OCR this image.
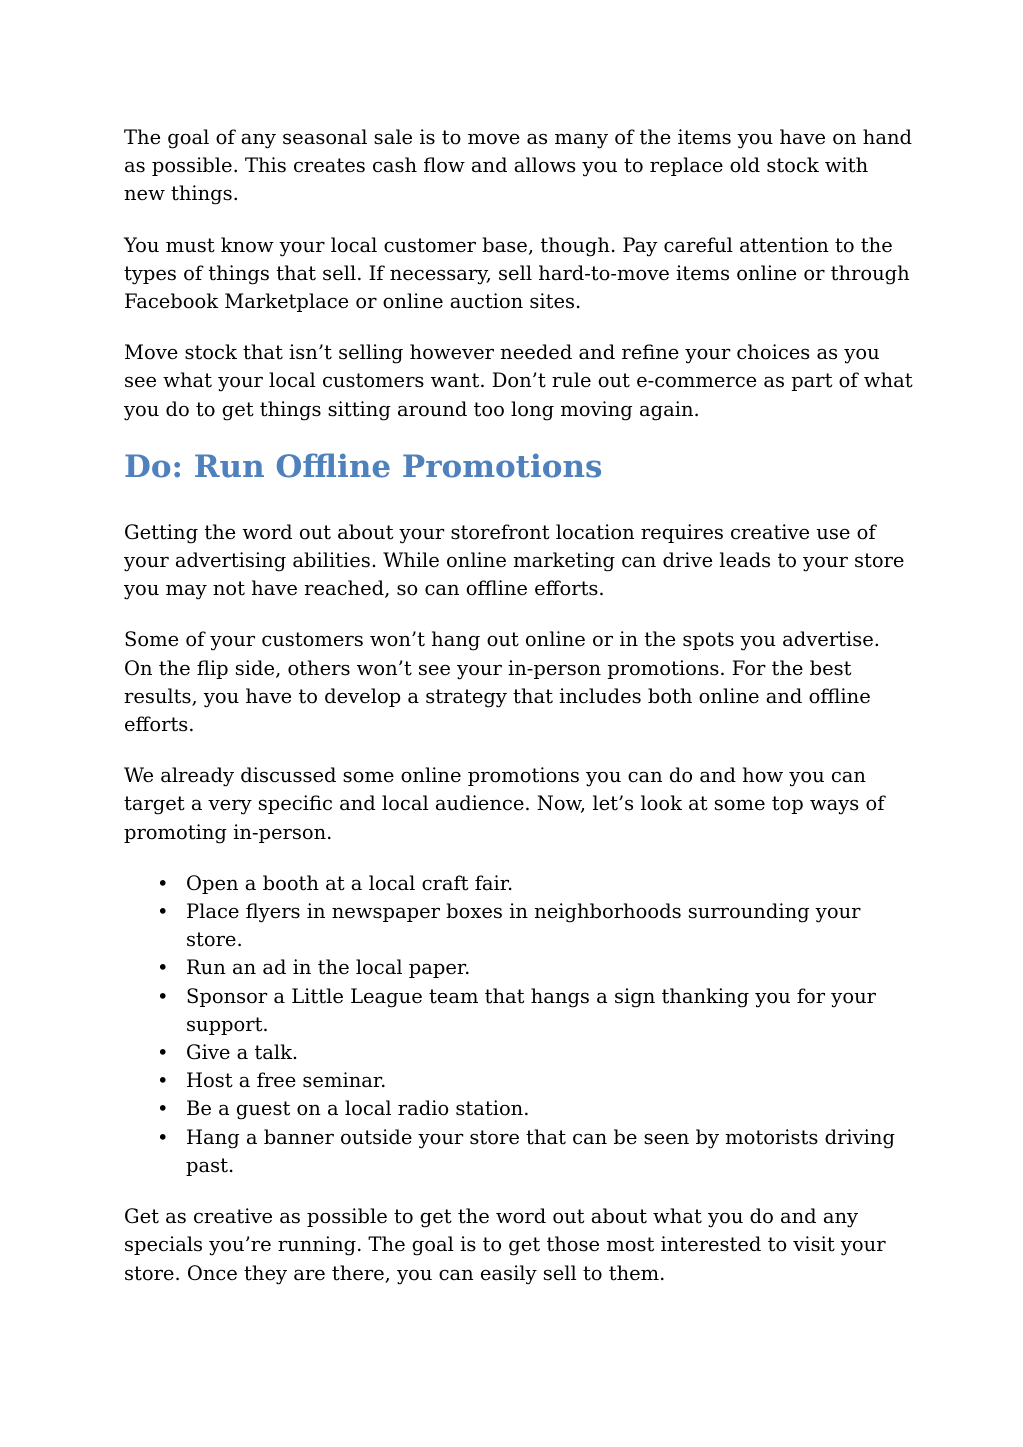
The goal of any seasonal sale is to move as many of the items you have on hand as possible. This creates cash flow and allows you to replace old stock with new things.

You must know your local customer base, though. Pay careful attention to the types of things that sell. If necessary, sell hard-to-move items online or through Facebook Marketplace or online auction sites.

Move stock that isn’t selling however needed and refine your choices as you see what your local customers want. Don’t rule out e-commerce as part of what you do to get things sitting around too long moving again.

Do: Run Offline Promotions

Getting the word out about your storefront location requires creative use of your advertising abilities. While online marketing can drive leads to your store you may not have reached, so can offline efforts.

Some of your customers won’t hang out online or in the spots you advertise. On the flip side, others won’t see your in-person promotions. For the best results, you have to develop a strategy that includes both online and offline efforts.

We already discussed some online promotions you can do and how you can target a very specific and local audience. Now, let’s look at some top ways of promoting in-person.

• Open a booth at a local craft fair.
• Place flyers in newspaper boxes in neighborhoods surrounding your store.
• Run an ad in the local paper.
• Sponsor a Little League team that hangs a sign thanking you for your support.
• Give a talk.
• Host a free seminar.
• Be a guest on a local radio station.
• Hang a banner outside your store that can be seen by motorists driving past.

Get as creative as possible to get the word out about what you do and any specials you’re running. The goal is to get those most interested to visit your store. Once they are there, you can easily sell to them.
